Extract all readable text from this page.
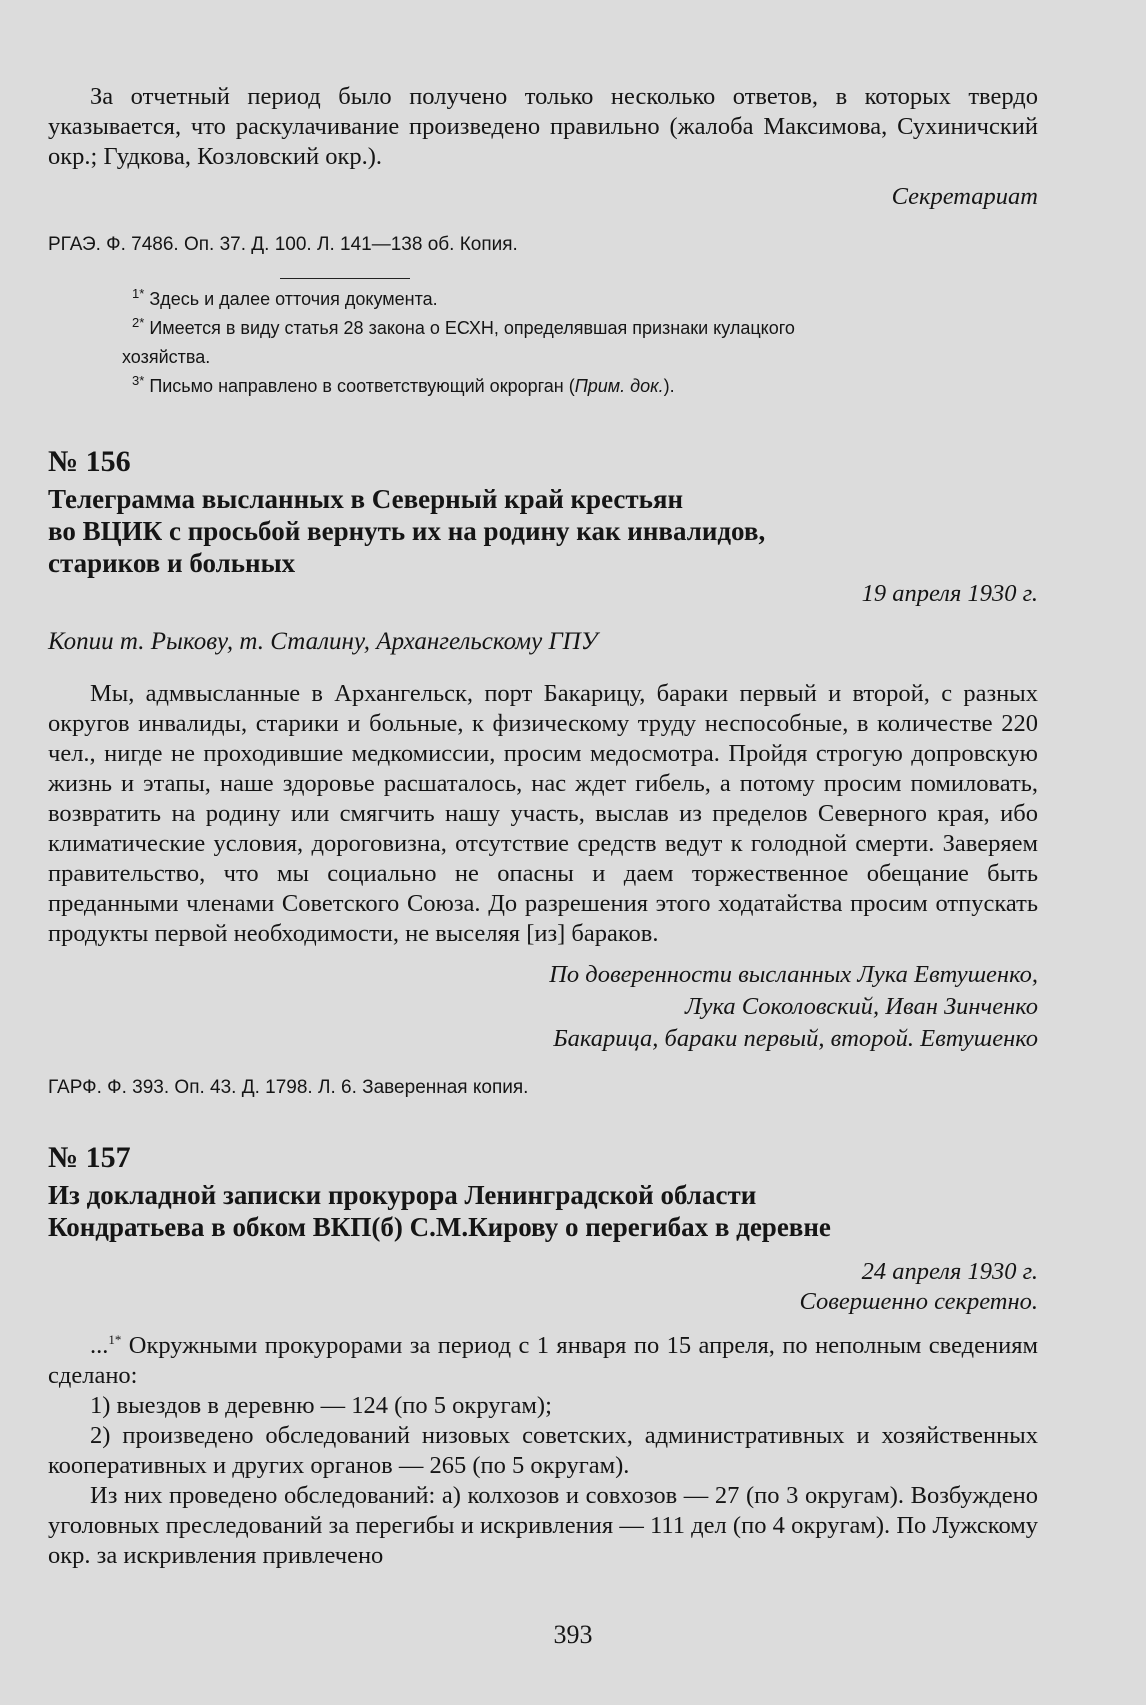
За отчетный период было получено только несколько ответов, в которых твердо указывается, что раскулачивание произведено правильно (жалоба Максимова, Сухиничский окр.; Гудкова, Козловский окр.).

Секретариат

РГАЭ. Ф. 7486. Оп. 37. Д. 100. Л. 141—138 об. Копия.

$^{1*}$ Здесь и далее отточия документа.

$^{2*}$ Имеется в виду статья 28 закона о ЕСХН, определявшая признаки кулацкого

хозяйства.

$^{3*}$ Письмо направлено в соответствующий окрорган (Прим. док.).

№ 156

Телеграмма высланных в Северный край крестьян

во ВЦИК с просьбой вернуть их на родину как инвалидов,

стариков и больных

19 апреля 1930 г.

Копии т. Рыкову, т. Сталину, Архангельскому ГПУ

Мы, адмвысланные в Архангельск, порт Бакарицу, бараки первый и второй, с разных округов инвалиды, старики и больные, к физическому труду неспособные, в количестве 220 чел., нигде не проходившие медкомиссии, просим медосмотра. Пройдя строгую допровскую жизнь и этапы, наше здоровье расшаталось, нас ждет гибель, а потому просим помиловать, возвратить на родину или смягчить нашу участь, выслав из пределов Северного края, ибо климатические условия, дороговизна, отсутствие средств ведут к голодной смерти. Заверяем правительство, что мы социально не опасны и даем торжественное обещание быть преданными членами Советского Союза. До разрешения этого ходатайства просим отпускать продукты первой необходимости, не выселяя [из] бараков.

По доверенности высланных Лука Евтушенко,

Лука Соколовский, Иван Зинченко

Бакарица, бараки первый, второй. Евтушенко

ГАРФ. Ф. 393. Оп. 43. Д. 1798. Л. 6. Заверенная копия.

№ 157

Из докладной записки прокурора Ленинградской области

Кондратьева в обком ВКП(б) С.М.Кирову о перегибах в деревне

24 апреля 1930 г.

Совершенно секретно.

...$^{1*}$ Окружными прокурорами за период с 1 января по 15 апреля, по неполным сведениям сделано:

1) выездов в деревню — 124 (по 5 округам);

2) произведено обследований низовых советских, административных и хозяйственных кооперативных и других органов — 265 (по 5 округам).

Из них проведено обследований: а) колхозов и совхозов — 27 (по 3 округам). Возбуждено уголовных преследований за перегибы и искривления — 111 дел (по 4 округам). По Лужскому окр. за искривления привлечено

393
